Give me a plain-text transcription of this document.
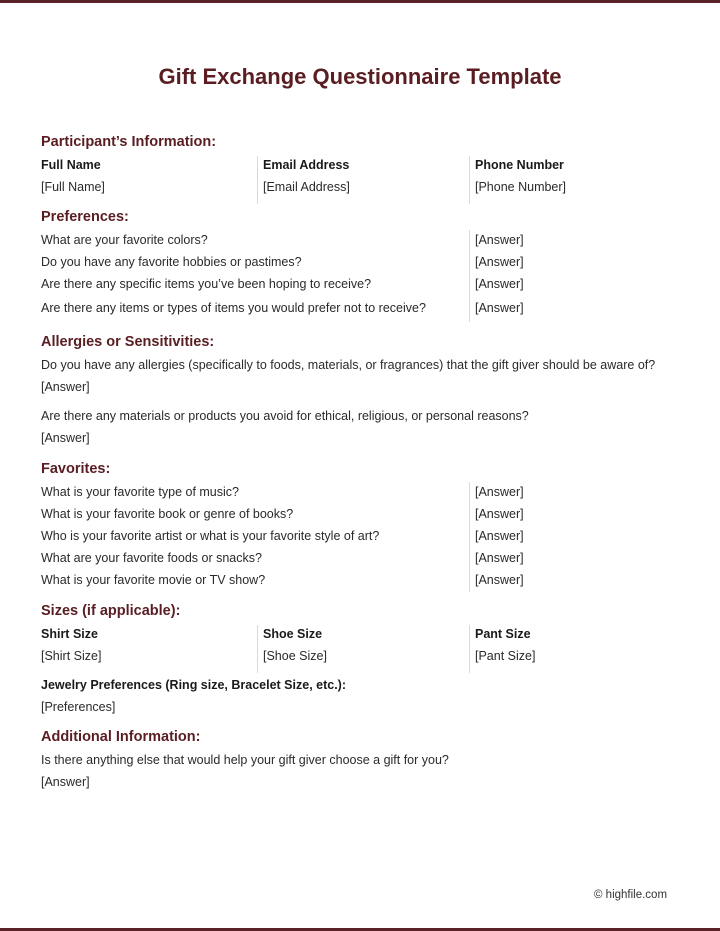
Gift Exchange Questionnaire Template
Participant’s Information:
Full Name	Email Address	Phone Number
[Full Name]	[Email Address]	[Phone Number]
Preferences:
What are your favorite colors?	[Answer]
Do you have any favorite hobbies or pastimes?	[Answer]
Are there any specific items you’ve been hoping to receive?	[Answer]
Are there any items or types of items you would prefer not to receive?	[Answer]
Allergies or Sensitivities:
Do you have any allergies (specifically to foods, materials, or fragrances) that the gift giver should be aware of?
[Answer]
Are there any materials or products you avoid for ethical, religious, or personal reasons?
[Answer]
Favorites:
What is your favorite type of music?	[Answer]
What is your favorite book or genre of books?	[Answer]
Who is your favorite artist or what is your favorite style of art?	[Answer]
What are your favorite foods or snacks?	[Answer]
What is your favorite movie or TV show?	[Answer]
Sizes (if applicable):
Shirt Size	Shoe Size	Pant Size
[Shirt Size]	[Shoe Size]	[Pant Size]
Jewelry Preferences (Ring size, Bracelet Size, etc.):
[Preferences]
Additional Information:
Is there anything else that would help your gift giver choose a gift for you?
[Answer]
© highfile.com
